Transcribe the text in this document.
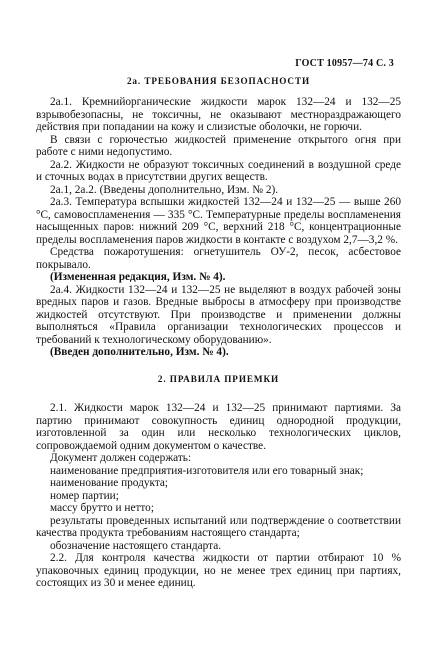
ГОСТ 10957—74 С. 3
2а. ТРЕБОВАНИЯ БЕЗОПАСНОСТИ

2а.1. Кремнийорганические жидкости марок 132—24 и 132—25 взрывобезопасны, не токсичны, не оказывают местнораздражающего действия при попадании на кожу и слизистые оболочки, не горючи.

В связи с горючестью жидкостей применение открытого огня при работе с ними недопустимо.

2а.2. Жидкости не образуют токсичных соединений в воздушной среде и сточных водах в присутствии других веществ.

2а.1, 2а.2. (Введены дополнительно, Изм. № 2).

2а.3. Температура вспышки жидкостей 132—24 и 132—25 — выше 260 °С, самовоспламенения — 335 °С. Температурные пределы воспламенения насыщенных паров: нижний 209 °С, верхний 218 °С, концентрационные пределы воспламенения паров жидкости в контакте с воздухом 2,7—3,2 %.

Средства пожаротушения: огнетушитель ОУ-2, песок, асбестовое покрывало.

(Измененная редакция, Изм. № 4).

2а.4. Жидкости 132—24 и 132—25 не выделяют в воздух рабочей зоны вредных паров и газов. Вредные выбросы в атмосферу при производстве жидкостей отсутствуют. При производстве и применении должны выполняться «Правила организации технологических процессов и требований к технологическому оборудованию».

(Введен дополнительно, Изм. № 4).

2. ПРАВИЛА ПРИЕМКИ

2.1. Жидкости марок 132—24 и 132—25 принимают партиями. За партию принимают совокупность единиц однородной продукции, изготовленной за один или несколько технологических циклов, сопровождаемой одним документом о качестве.

Документ должен содержать:

наименование предприятия-изготовителя или его товарный знак;

наименование продукта;

номер партии;

массу брутто и нетто;

результаты проведенных испытаний или подтверждение о соответствии качества продукта требованиям настоящего стандарта;

обозначение настоящего стандарта.

2.2. Для контроля качества жидкости от партии отбирают 10 % упаковочных единиц продукции, но не менее трех единиц при партиях, состоящих из 30 и менее единиц.
